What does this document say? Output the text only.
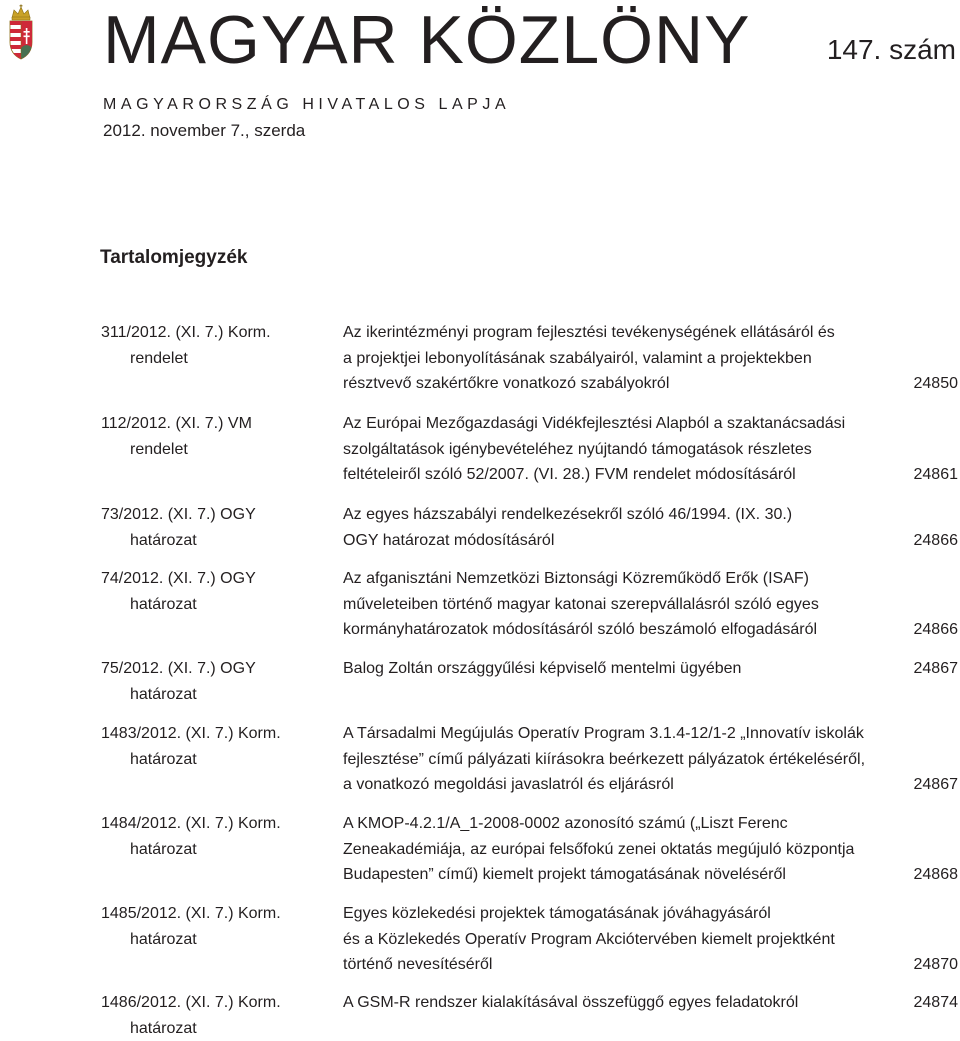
MAGYAR KÖZLÖNY	147. szám
MAGYARORSZÁG HIVATALOS LAPJA
2012. november 7., szerda
Tartalomjegyzék
311/2012. (XI. 7.) Korm.
rendelet
Az ikerintézményi program fejlesztési tevékenységének ellátásáról és
a projektjei lebonyolításának szabályairól, valamint a projektekben
résztvevő szakértőkre vonatkozó szabályokról	24850
112/2012. (XI. 7.) VM
rendelet
Az Európai Mezőgazdasági Vidékfejlesztési Alapból a szaktanácsadási
szolgáltatások igénybevételéhez nyújtandó támogatások részletes
feltételeiről szóló 52/2007. (VI. 28.) FVM rendelet módosításáról	24861
73/2012. (XI. 7.) OGY
határozat
Az egyes házszabályi rendelkezésekről szóló 46/1994. (IX. 30.)
OGY határozat módosításáról	24866
74/2012. (XI. 7.) OGY
határozat
Az afganisztáni Nemzetközi Biztonsági Közreműködő Erők (ISAF)
műveleteiben történő magyar katonai szerepvállalásról szóló egyes
kormányhatározatok módosításáról szóló beszámoló elfogadásáról	24866
75/2012. (XI. 7.) OGY
határozat
Balog Zoltán országgyűlési képviselő mentelmi ügyében	24867
1483/2012. (XI. 7.) Korm.
határozat
A Társadalmi Megújulás Operatív Program 3.1.4-12/1-2 „Innovatív iskolák
fejlesztése” című pályázati kiírásokra beérkezett pályázatok értékeléséről,
a vonatkozó megoldási javaslatról és eljárásról	24867
1484/2012. (XI. 7.) Korm.
határozat
A KMOP-4.2.1/A_1-2008-0002 azonosító számú („Liszt Ferenc
Zeneakadémiája, az európai felsőfokú zenei oktatás megújuló központja
Budapesten” című) kiemelt projekt támogatásának növeléséről	24868
1485/2012. (XI. 7.) Korm.
határozat
Egyes közlekedési projektek támogatásának jóváhagyásáról
és a Közlekedés Operatív Program Akciótervében kiemelt projektként
történő nevesítéséről	24870
1486/2012. (XI. 7.) Korm.
határozat
A GSM-R rendszer kialakításával összefüggő egyes feladatokról	24874
